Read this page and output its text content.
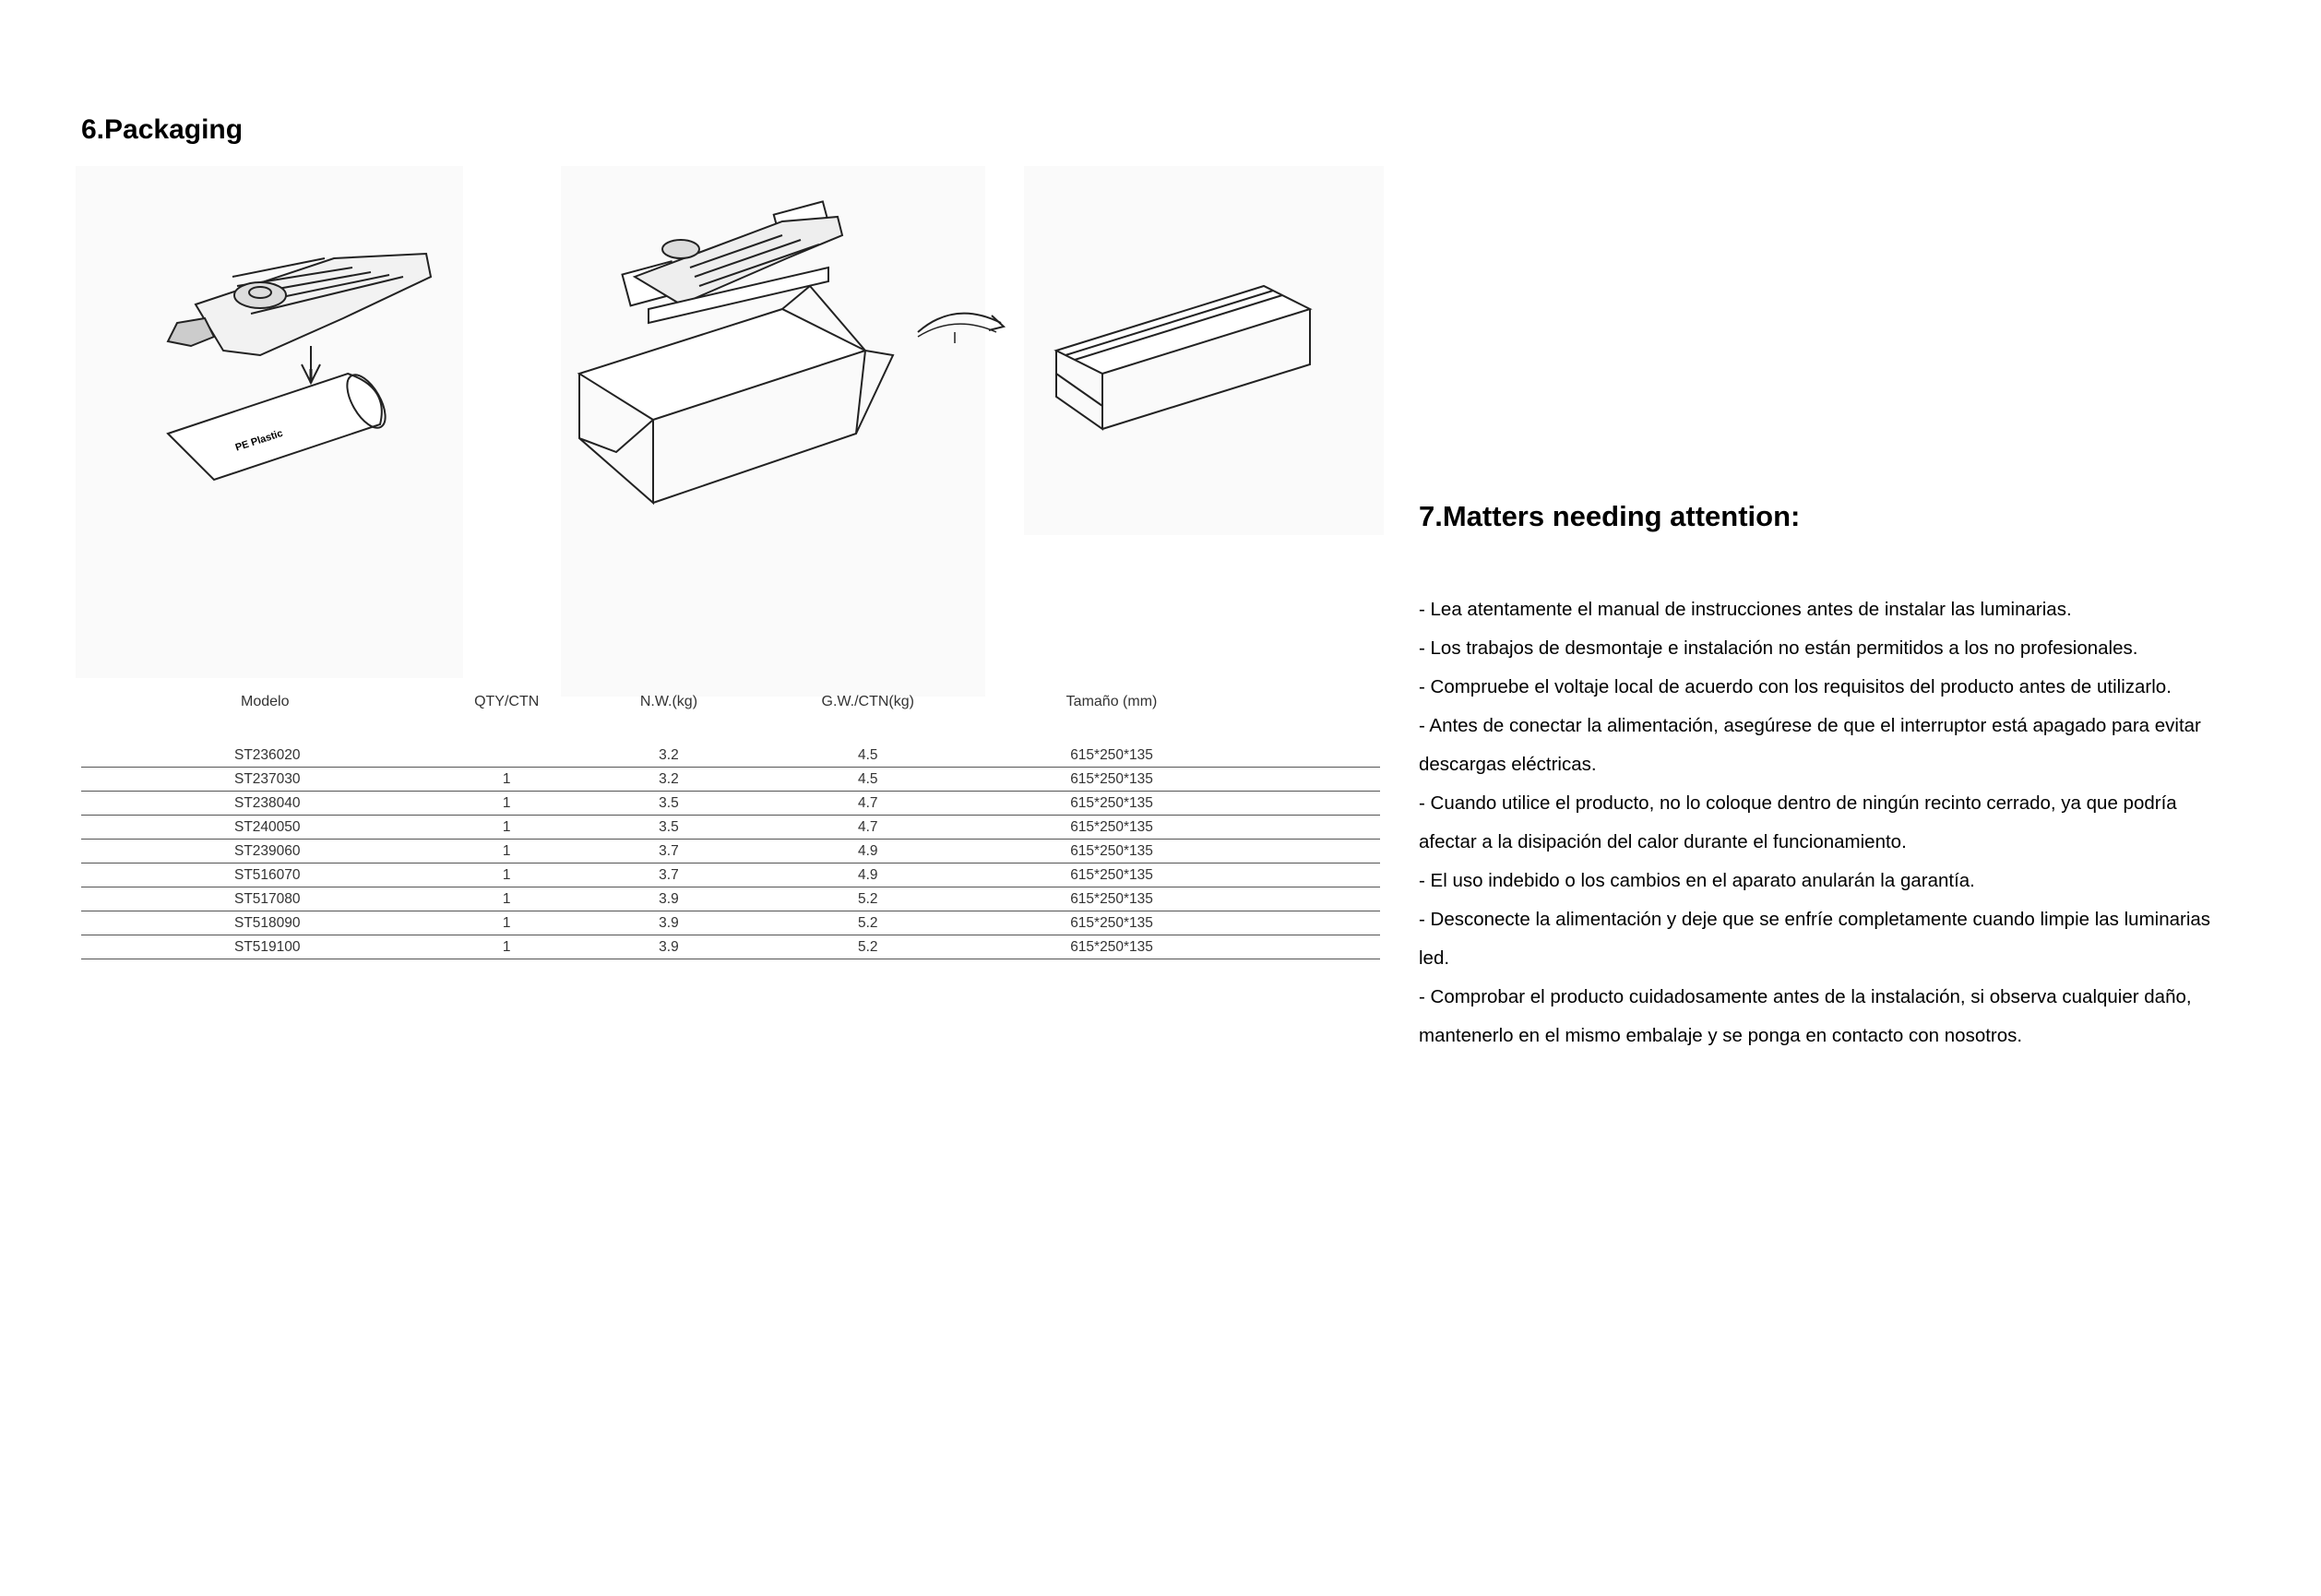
6.Packaging
PE Plastic
Modelo	QTY/CTN	N.W.(kg)	G.W./CTN(kg)	Tamaño (mm)	
ST236020		3.2	4.5	615*250*135	
ST237030	1	3.2	4.5	615*250*135	
ST238040	1	3.5	4.7	615*250*135	
ST240050	1	3.5	4.7	615*250*135	
ST239060	1	3.7	4.9	615*250*135	
ST516070	1	3.7	4.9	615*250*135	
ST517080	1	3.9	5.2	615*250*135	
ST518090	1	3.9	5.2	615*250*135	
ST519100	1	3.9	5.2	615*250*135	
7.Matters needing attention:

- Lea atentamente el manual de instrucciones antes de instalar las luminarias.

- Los trabajos de desmontaje e instalación no están permitidos a los no profesionales.

- Compruebe el voltaje local de acuerdo con los requisitos del producto antes de utilizarlo.

- Antes de conectar la alimentación, asegúrese de que el interruptor está apagado para evitar

descargas eléctricas.

- Cuando utilice el producto, no lo coloque dentro de ningún recinto cerrado, ya que podría

afectar a la disipación del calor durante el funcionamiento.

- El uso indebido o los cambios en el aparato anularán la garantía.

- Desconecte la alimentación y deje que se enfríe completamente cuando limpie las luminarias

led.

- Comprobar el producto cuidadosamente antes de la instalación, si observa cualquier daño,

mantenerlo en el mismo embalaje y se ponga en contacto con nosotros.
